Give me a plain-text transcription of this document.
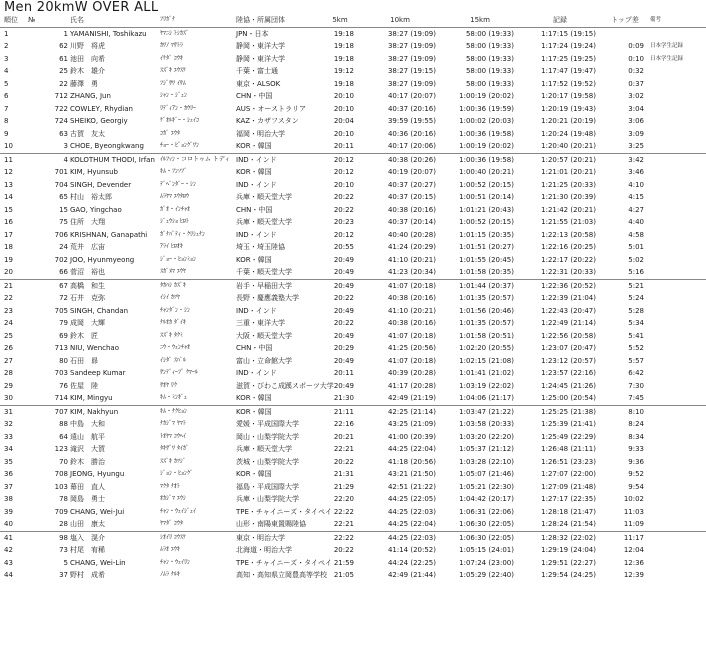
Men 20kmW OVER ALL
順位	№	氏名	ﾌﾘｶﾞﾅ	陸協・所属団体	5km	10km	15km	記録	トップ差	備考
1	1	YAMANISHI, Toshikazu	ﾔﾏﾆｼ ﾄｼｶｽﾞ	JPN・日本	19:18	38:27 (19:09)	58:00 (19:33)	1:17:15 (19:15)		
2	62	川野　将虎	ｶﾜﾉ ﾏｻﾄﾗ	静岡・東洋大学	19:18	38:27 (19:09)	58:00 (19:33)	1:17:24 (19:24)	0:09	日本学生記録
3	61	池田　向希	ｲｹﾀﾞ ｺｳｷ	静岡・東洋大学	19:18	38:27 (19:09)	58:00 (19:33)	1:17:25 (19:25)	0:10	日本学生記録
4	25	鈴木　雄介	ｽｽﾞｷ ﾕｳｽｹ	千葉・富士通	19:12	38:27 (19:15)	58:00 (19:33)	1:17:47 (19:47)	0:32	
5	22	藤澤　勇	ﾌｼﾞｻﾜ ｲｻﾑ	東京・ALSOK	19:18	38:27 (19:09)	58:00 (19:33)	1:17:52 (19:52)	0:37	
6	712	ZHANG, Jun	ｼｬﾝ・ｼﾞｭﾝ	CHN・中国	20:10	40:17 (20:07)	1:00:19 (20:02)	1:20:17 (19:58)	3:02	
7	722	COWLEY, Rhydian	ﾘﾃﾞｨｱﾝ・ｶｳﾘｰ	AUS・オーストラリア	20:10	40:37 (20:16)	1:00:36 (19:59)	1:20:19 (19:43)	3:04	
8	724	SHEIKO, Georgiy	ｹﾞｵﾙｷﾞｰ・ｼｪｲｺ	KAZ・カザフスタン	20:04	39:59 (19:55)	1:00:02 (20:03)	1:20:21 (20:19)	3:06	
9	63	古賀　友太	ｺｶﾞ ﾕｳﾀ	福岡・明治大学	20:10	40:36 (20:16)	1:00:36 (19:58)	1:20:24 (19:48)	3:09	
10	3	CHOE, Byeongkwang	ﾁｮｰ・ﾋﾞｮﾝｸﾞﾜﾝ	KOR・韓国	20:11	40:17 (20:06)	1:00:19 (20:02)	1:20:40 (20:21)	3:25	
11	4	KOLOTHUM THODI, Irfan	ｲﾙﾌｧﾝ・コロトゥム トディ	IND・インド	20:12	40:38 (20:26)	1:00:36 (19:58)	1:20:57 (20:21)	3:42	
12	701	KIM, Hyunsub	ｷﾑ・ﾌﾝｿﾌﾞ	KOR・韓国	20:12	40:19 (20:07)	1:00:40 (20:21)	1:21:01 (20:21)	3:46	
13	704	SINGH, Devender	ﾃﾞﾍﾞﾝﾀﾞｰ・ｼﾝ	IND・インド	20:10	40:37 (20:27)	1:00:52 (20:15)	1:21:25 (20:33)	4:10	
14	65	村山　裕太郎	ﾑﾗﾔﾏ ﾕｳﾀﾛｳ	兵庫・順天堂大学	20:22	40:37 (20:15)	1:00:51 (20:14)	1:21:30 (20:39)	4:15	
15	15	GAO, Yingchao	ｶﾞｵ・ｲﾝﾁｬｵ	CHN・中国	20:22	40:38 (20:16)	1:01:21 (20:43)	1:21:42 (20:21)	4:27	
16	75	住所　大翔	ｼﾞｭｳｼｮ ﾋﾛﾄ	兵庫・順天堂大学	20:23	40:37 (20:14)	1:00:52 (20:15)	1:21:55 (21:03)	4:40	
17	706	KRISHNAN, Ganapathi	ｶﾞﾅﾊﾟﾃｨ・ｸﾘｼｭﾅﾝ	IND・インド	20:12	40:40 (20:28)	1:01:15 (20:35)	1:22:13 (20:58)	4:58	
18	24	荒井　広宙	ｱﾗｲ ﾋﾛｵｷ	埼玉・埼玉陸協	20:55	41:24 (20:29)	1:01:51 (20:27)	1:22:16 (20:25)	5:01	
19	702	JOO, Hyunmyeong	ｼﾞｮｰ・ﾋｮﾝﾐｮﾝ	KOR・韓国	20:49	41:10 (20:21)	1:01:55 (20:45)	1:22:17 (20:22)	5:02	
20	66	菅沼　裕也	ｽｶﾞﾇﾏ ﾕｳﾔ	千葉・順天堂大学	20:49	41:23 (20:34)	1:01:58 (20:35)	1:22:31 (20:33)	5:16	
21	67	高橋　和生	ﾀｶﾊｼ ｶｽﾞｷ	岩手・早稲田大学	20:49	41:07 (20:18)	1:01:44 (20:37)	1:22:36 (20:52)	5:21	
22	72	石井　克弥	ｲｼｲ ｶﾂﾔ	長野・慶應義塾大学	20:22	40:38 (20:16)	1:01:35 (20:57)	1:22:39 (21:04)	5:24	
23	705	SINGH, Chandan	ﾁｬﾝﾀﾞﾝ・ｼﾝ	IND・インド	20:49	41:10 (20:21)	1:01:56 (20:46)	1:22:43 (20:47)	5:28	
24	79	成岡　大輝	ﾅﾙｵｶ ﾀﾞｲｷ	三重・東洋大学	20:22	40:38 (20:16)	1:01:35 (20:57)	1:22:49 (21:14)	5:34	
25	69	鈴木　匠	ｽｽﾞｷ ﾀｸﾐ	大阪・順天堂大学	20:49	41:07 (20:18)	1:01:58 (20:51)	1:22:56 (20:58)	5:41	
26	713	NIU, Wenchao	ﾆｳ・ｳｪﾝﾁｬｵ	CHN・中国	20:29	41:25 (20:56)	1:02:20 (20:55)	1:23:07 (20:47)	5:52	
27	80	石田　昴	ｲｼﾀﾞ ｽﾊﾞﾙ	富山・立命館大学	20:49	41:07 (20:18)	1:02:15 (21:08)	1:23:12 (20:57)	5:57	
28	703	Sandeep Kumar	ｻﾝﾃﾞｨｰﾌﾟ ｸﾏｰﾙ	IND・インド	20:11	40:39 (20:28)	1:01:41 (21:02)	1:23:57 (22:16)	6:42	
29	76	佐屋　陸	ｻｵﾔ ﾘｸ	滋賀・びわこ成蹊スポーツ大学	20:49	41:17 (20:28)	1:03:19 (22:02)	1:24:45 (21:26)	7:30	
30	714	KIM, Mingyu	ｷﾑ・ﾐﾝｷﾞｭ	KOR・韓国	21:30	42:49 (21:19)	1:04:06 (21:17)	1:25:00 (20:54)	7:45	
31	707	KIM, Nakhyun	ｷﾑ・ﾅｸﾋｮﾝ	KOR・韓国	21:11	42:25 (21:14)	1:03:47 (21:22)	1:25:25 (21:38)	8:10	
32	88	中島　大和	ﾅｶｼﾞﾏ ﾔﾏﾄ	愛媛・平成国際大学	22:16	43:25 (21:09)	1:03:58 (20:33)	1:25:39 (21:41)	8:24	
33	64	遠山　航平	ﾄｵﾔﾏ ｺｳﾍｲ	岡山・山梨学院大学	20:21	41:00 (20:39)	1:03:20 (22:20)	1:25:49 (22:29)	8:34	
34	123	滝沢　大賀	ﾀｷｻﾞﾜ ﾀｲｶﾞ	兵庫・順天堂大学	22:21	44:25 (22:04)	1:05:37 (21:12)	1:26:48 (21:11)	9:33	
35	70	鈴木　勝治	ｽｽﾞｷ ｶﾂｼﾞ	茨城・山梨学院大学	20:22	41:18 (20:56)	1:03:28 (22:10)	1:26:51 (23:23)	9:36	
36	708	JEONG, Hyungu	ｼﾞｮﾝ・ﾋｮﾝｸﾞ	KOR・韓国	21:31	43:21 (21:50)	1:05:07 (21:46)	1:27:07 (22:00)	9:52	
37	103	幕田　直人	ﾏｸﾀ ﾅｵﾄ	福島・平成国際大学	21:29	42:51 (21:22)	1:05:21 (22:30)	1:27:09 (21:48)	9:54	
38	78	岡島　勇士	ｵｶｼﾞﾏ ﾕｳｼ	兵庫・山梨学院大学	22:20	44:25 (22:05)	1:04:42 (20:17)	1:27:17 (22:35)	10:02	
39	709	CHANG, Wei-Jui	ﾁｬﾝ・ｳｪｲｼﾞｭｲ	TPE・チャイニーズ・タイペイ	22:22	44:25 (22:03)	1:06:31 (22:06)	1:28:18 (21:47)	11:03	
40	28	山田　康太	ﾔﾏﾀﾞ ｺｳﾀ	山形・南陽東置賜陸協	22:21	44:25 (22:04)	1:06:30 (22:05)	1:28:24 (21:54)	11:09	
41	98	塩入　滉介	ｼｵｲﾘ ｺｳｽｹ	東京・明治大学	22:22	44:25 (22:03)	1:06:30 (22:05)	1:28:32 (22:02)	11:17	
42	73	村尾　宥稀	ﾑﾗｵ ﾕｳｷ	北海道・明治大学	20:22	41:14 (20:52)	1:05:15 (24:01)	1:29:19 (24:04)	12:04	
43	5	CHANG, Wei-Lin	ﾁｬﾝ・ｳｪｲﾘﾝ	TPE・チャイニーズ・タイペイ	21:59	44:24 (22:25)	1:07:24 (23:00)	1:29:51 (22:27)	12:36	
44	37	野村　成希	ﾉﾑﾗ ﾅﾙｷ	高知・高知県立岡豊高等学校	21:05	42:49 (21:44)	1:05:29 (22:40)	1:29:54 (24:25)	12:39	
